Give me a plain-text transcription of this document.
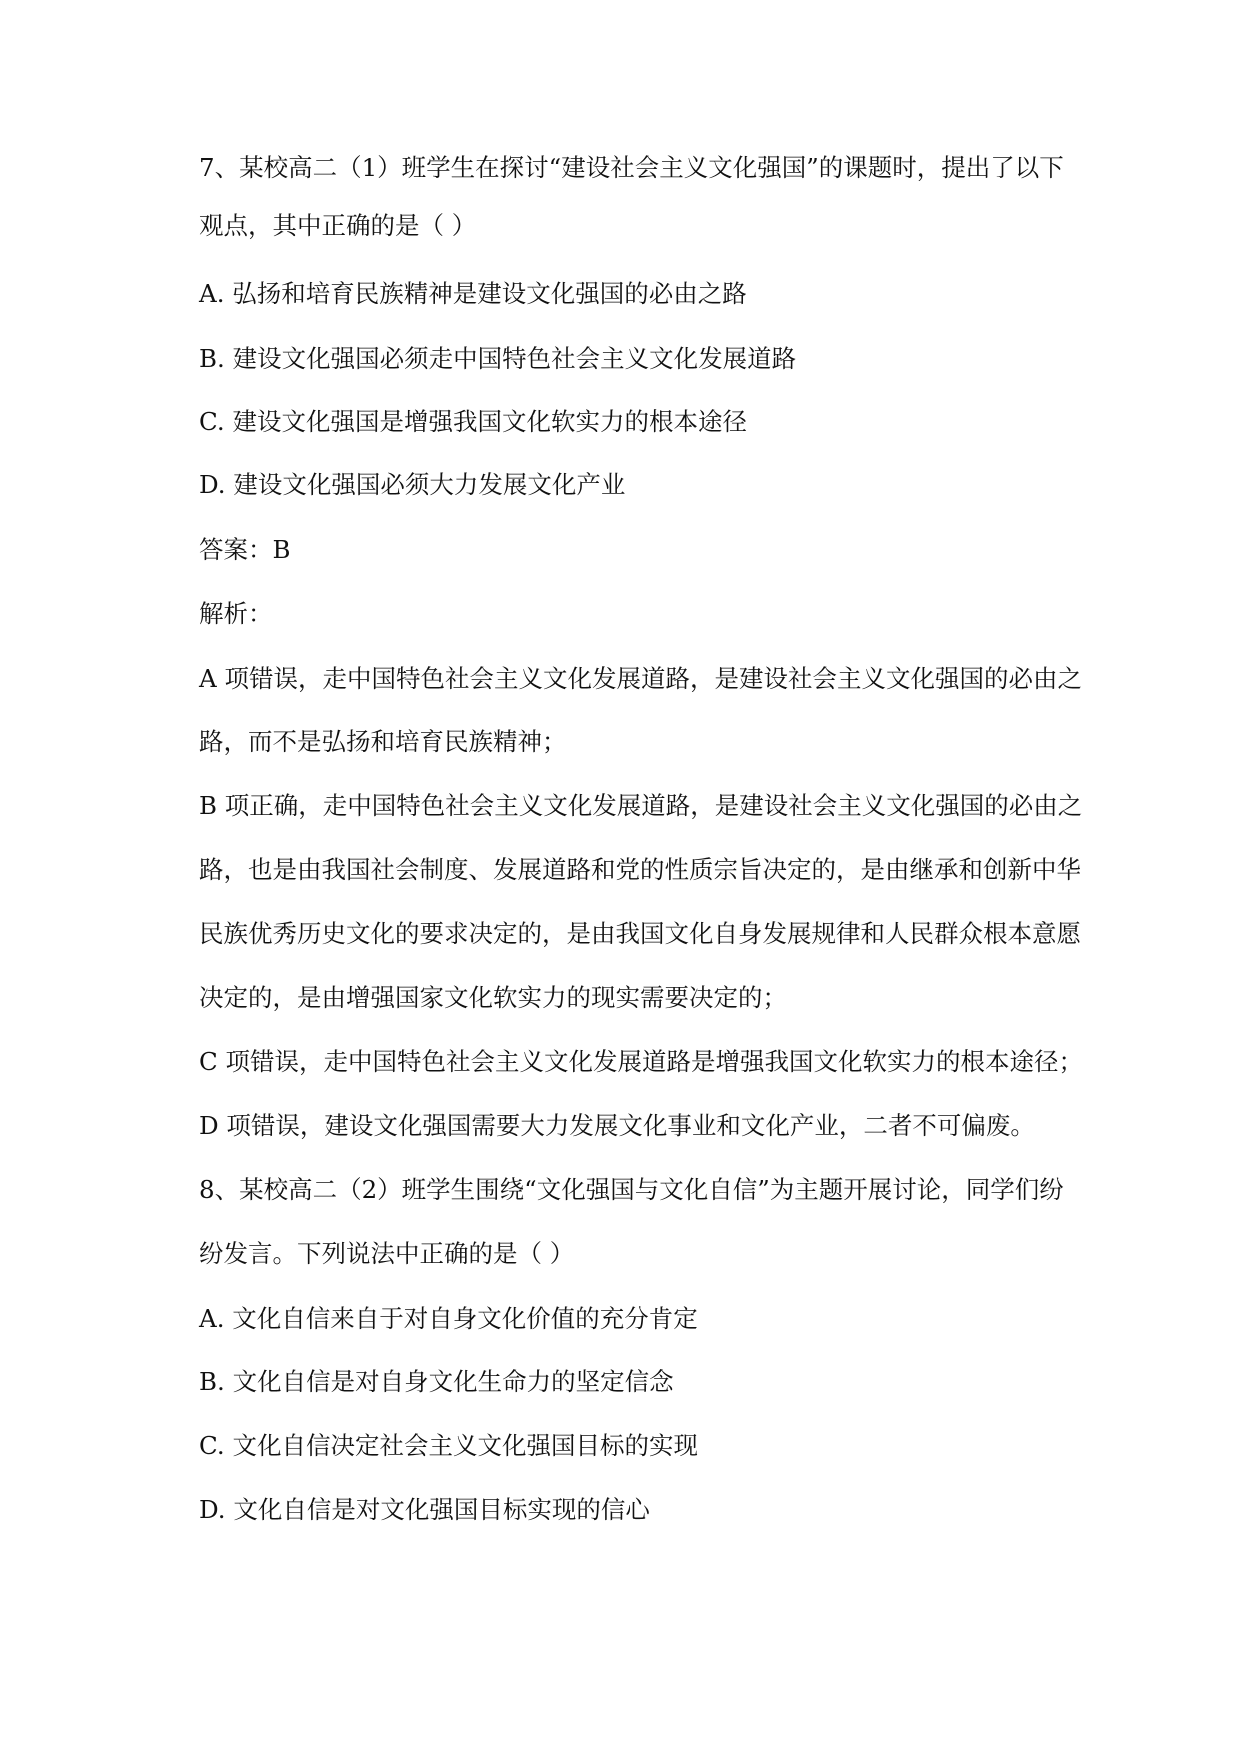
7、某校高二（1）班学生在探讨“建设社会主义文化强国”的课题时，提出了以下
观点，其中正确的是（ ）
A. 弘扬和培育民族精神是建设文化强国的必由之路
B. 建设文化强国必须走中国特色社会主义文化发展道路
C. 建设文化强国是增强我国文化软实力的根本途径
D. 建设文化强国必须大力发展文化产业
答案：B
解析：
A 项错误，走中国特色社会主义文化发展道路，是建设社会主义文化强国的必由之
路，而不是弘扬和培育民族精神；
B 项正确，走中国特色社会主义文化发展道路，是建设社会主义文化强国的必由之
路，也是由我国社会制度、发展道路和党的性质宗旨决定的，是由继承和创新中华
民族优秀历史文化的要求决定的，是由我国文化自身发展规律和人民群众根本意愿
决定的，是由增强国家文化软实力的现实需要决定的；
C 项错误，走中国特色社会主义文化发展道路是增强我国文化软实力的根本途径；
D 项错误，建设文化强国需要大力发展文化事业和文化产业，二者不可偏废。
8、某校高二（2）班学生围绕“文化强国与文化自信”为主题开展讨论，同学们纷
纷发言。下列说法中正确的是（ ）
A. 文化自信来自于对自身文化价值的充分肯定
B. 文化自信是对自身文化生命力的坚定信念
C. 文化自信决定社会主义文化强国目标的实现
D. 文化自信是对文化强国目标实现的信心
